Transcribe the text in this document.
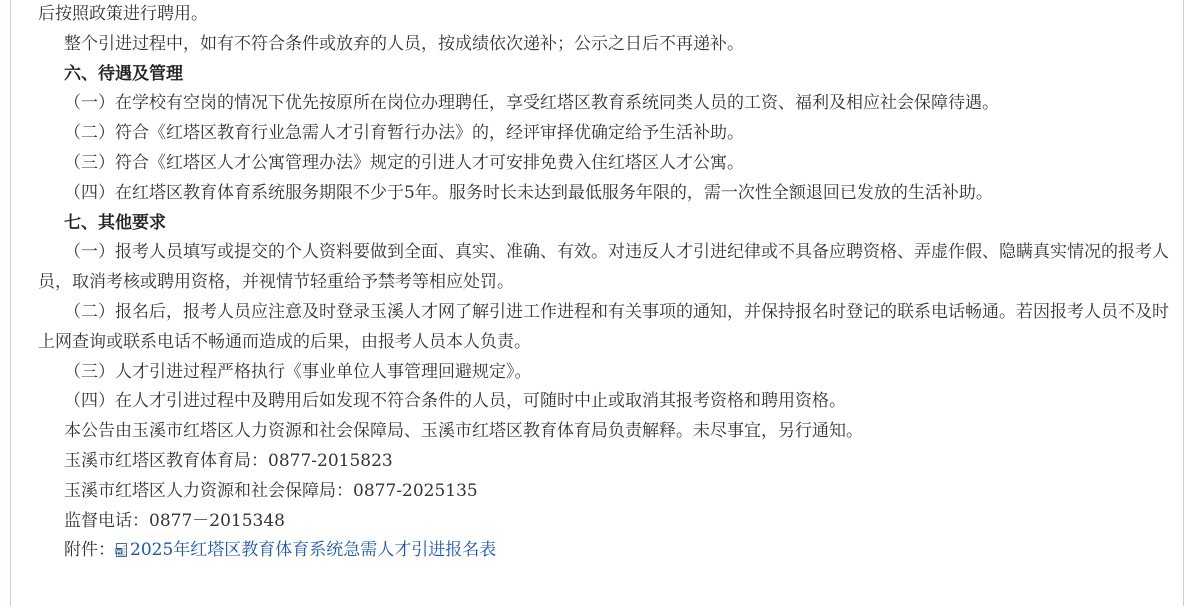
后按照政策进行聘用。

整个引进过程中，如有不符合条件或放弃的人员，按成绩依次递补；公示之日后不再递补。

六、待遇及管理

（一）在学校有空岗的情况下优先按原所在岗位办理聘任，享受红塔区教育系统同类人员的工资、福利及相应社会保障待遇。

（二）符合《红塔区教育行业急需人才引育暂行办法》的，经评审择优确定给予生活补助。

（三）符合《红塔区人才公寓管理办法》规定的引进人才可安排免费入住红塔区人才公寓。

（四）在红塔区教育体育系统服务期限不少于5年。服务时长未达到最低服务年限的，需一次性全额退回已发放的生活补助。

七、其他要求

（一）报考人员填写或提交的个人资料要做到全面、真实、准确、有效。对违反人才引进纪律或不具备应聘资格、弄虚作假、隐瞒真实情况的报考人员，取消考核或聘用资格，并视情节轻重给予禁考等相应处罚。

（二）报名后，报考人员应注意及时登录玉溪人才网了解引进工作进程和有关事项的通知，并保持报名时登记的联系电话畅通。若因报考人员不及时上网查询或联系电话不畅通而造成的后果，由报考人员本人负责。

（三）人才引进过程严格执行《事业单位人事管理回避规定》。

（四）在人才引进过程中及聘用后如发现不符合条件的人员，可随时中止或取消其报考资格和聘用资格。

本公告由玉溪市红塔区人力资源和社会保障局、玉溪市红塔区教育体育局负责解释。未尽事宜，另行通知。

玉溪市红塔区教育体育局：0877-2015823

玉溪市红塔区人力资源和社会保障局：0877-2025135

监督电话：0877－2015348

附件： 2025年红塔区教育体育系统急需人才引进报名表
